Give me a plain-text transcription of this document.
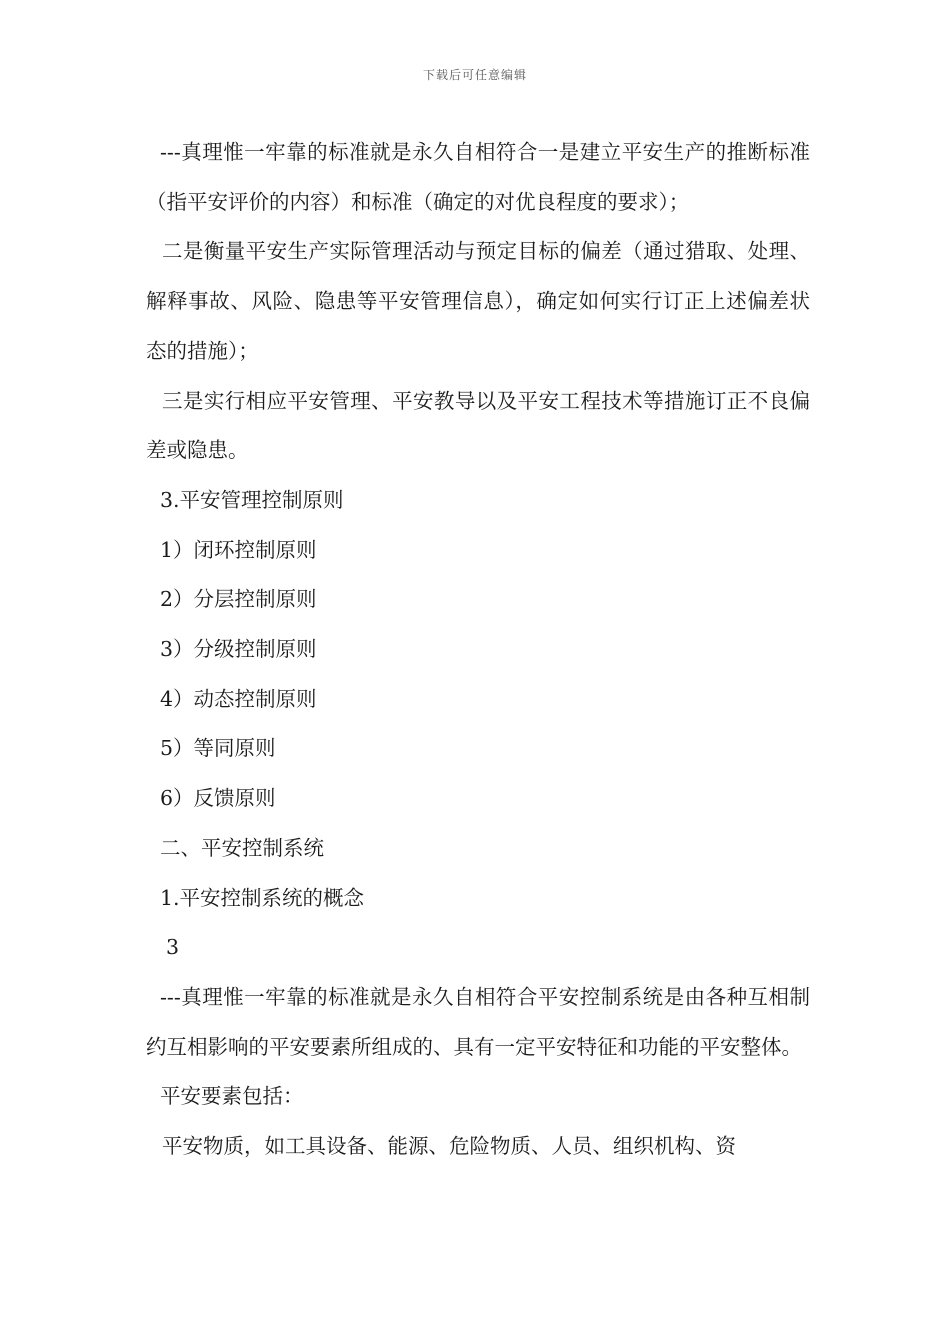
下载后可任意编辑

---真理惟一牢靠的标准就是永久自相符合一是建立平安生产的推断标准（指平安评价的内容）和标准（确定的对优良程度的要求）；

二是衡量平安生产实际管理活动与预定目标的偏差（通过猎取、处理、解释事故、风险、隐患等平安管理信息），确定如何实行订正上述偏差状态的措施）；

三是实行相应平安管理、平安教导以及平安工程技术等措施订正不良偏差或隐患。

3.平安管理控制原则

1）闭环控制原则

2）分层控制原则

3）分级控制原则

4）动态控制原则

5）等同原则

6）反馈原则

二、平安控制系统

1.平安控制系统的概念

3

---真理惟一牢靠的标准就是永久自相符合平安控制系统是由各种互相制约互相影响的平安要素所组成的、具有一定平安特征和功能的平安整体。

平安要素包括：

平安物质，如工具设备、能源、危险物质、人员、组织机构、资
